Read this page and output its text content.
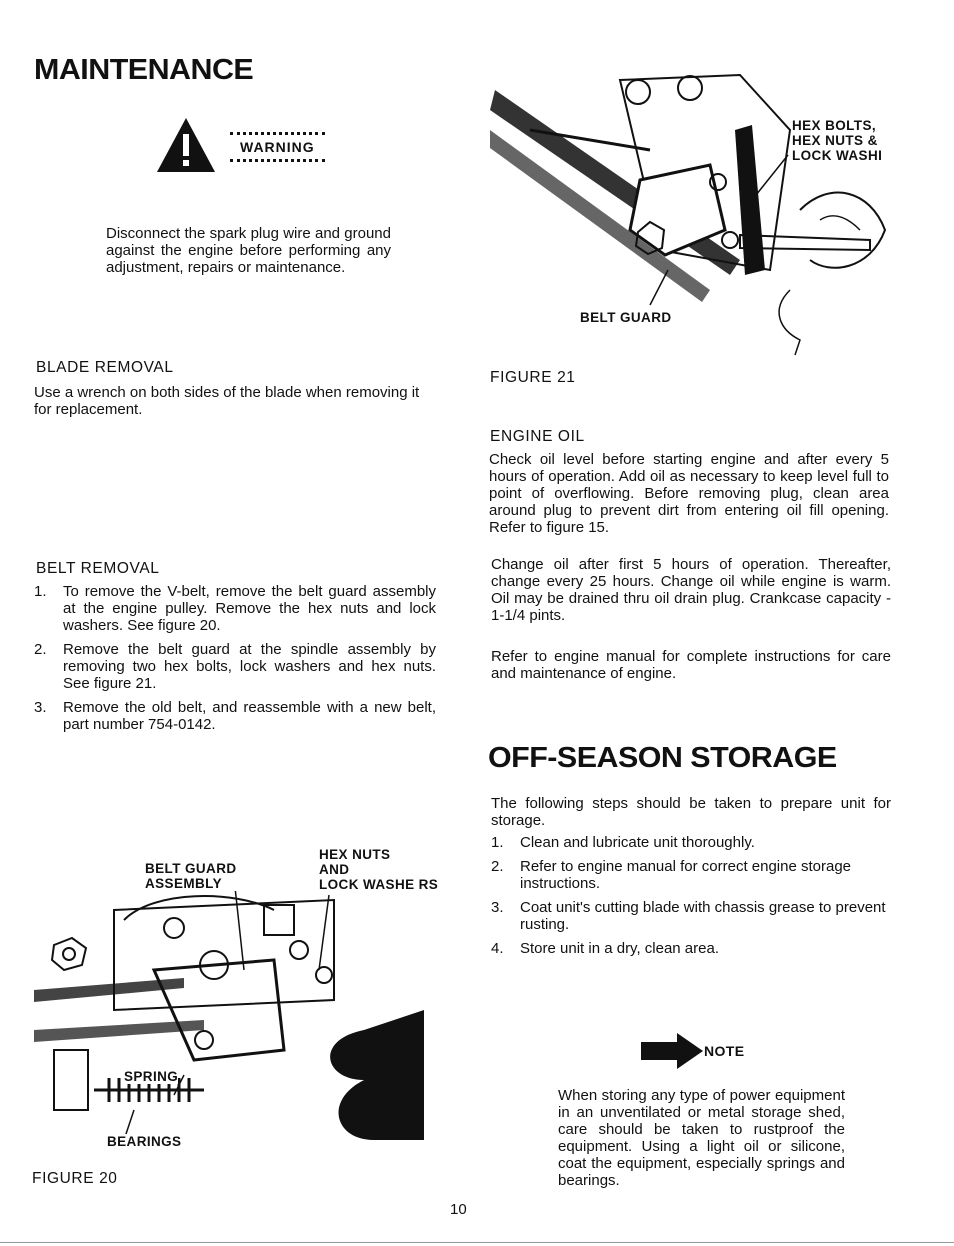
MAINTENANCE
WARNING
Disconnect the spark plug wire and ground against the engine before performing any adjustment, repairs or maintenance.
BLADE REMOVAL
Use a wrench on both sides of the blade when removing it for replacement.
BELT REMOVAL
1. To remove the V-belt, remove the belt guard assembly at the engine pulley. Remove the hex nuts and lock washers. See figure 20.
2. Remove the belt guard at the spindle assembly by removing two hex bolts, lock washers and hex nuts. See figure 21.
3. Remove the old belt, and reassemble with a new belt, part number 754-0142.
BELT GUARD
ASSEMBLY
HEX NUTS
AND
LOCK WASHE RS
SPRING
BEARINGS
FIGURE 20
HEX BOLTS,
HEX NUTS &
LOCK WASHI
BELT GUARD
FIGURE 21
ENGINE OIL
Check oil level before starting engine and after every 5 hours of operation. Add oil as necessary to keep level full to point of overflowing. Before removing plug, clean area around plug to prevent dirt from entering oil fill opening. Refer to figure 15.
Change oil after first 5 hours of operation. Thereafter, change every 25 hours. Change oil while engine is warm. Oil may be drained thru oil drain plug. Crankcase capacity - 1-1/4 pints.
Refer to engine manual for complete instructions for care and maintenance of engine.
OFF-SEASON STORAGE
The following steps should be taken to prepare unit for storage.
1. Clean and lubricate unit thoroughly.
2. Refer to engine manual for correct engine storage instructions.
3. Coat unit's cutting blade with chassis grease to prevent rusting.
4. Store unit in a dry, clean area.
NOTE
When storing any type of power equipment in an unventilated or metal storage shed, care should be taken to rustproof the equipment. Using a light oil or silicone, coat the equipment, especially springs and bearings.
10
